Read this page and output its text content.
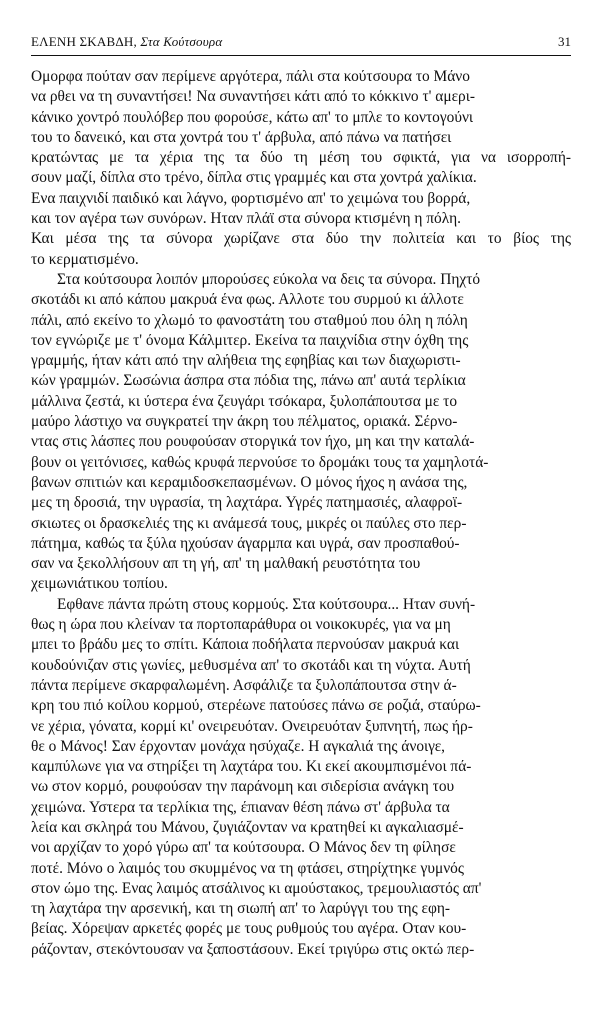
ΕΛΕΝΗ ΣΚΑΒΔΗ, Στα Κούτσουρα	31
Ομορφα πούταν σαν περίμενε αργότερα, πάλι στα κούτσουρα το Μάνο
να ρθει να τη συναντήσει! Να συναντήσει κάτι από το κόκκινο τ' αμερι-
κάνικο χοντρό πουλόβερ που φορούσε, κάτω απ' το μπλε το κοντογούνι
του το δανεικό, και στα χοντρά του τ' άρβυλα, από πάνω να πατήσει
κρατώντας με τα χέρια της τα δύο τη μέση του σφικτά, για να ισορροπή-
σουν μαζί, δίπλα στο τρένο, δίπλα στις γραμμές και στα χοντρά χαλίκια.
Ενα παιχνιδί παιδικό και λάγνο, φορτισμένο απ' το χειμώνα του βορρά,
και τον αγέρα των συνόρων. Ηταν πλάϊ στα σύνορα κτισμένη η πόλη.
Και μέσα της τα σύνορα χωρίζανε στα δύο την πολιτεία και το βίος της
το κερματισμένο.
Στα κούτσουρα λοιπόν μπορούσες εύκολα να δεις τα σύνορα. Πηχτό
σκοτάδι κι από κάπου μακρυά ένα φως. Αλλοτε του συρμού κι άλλοτε
πάλι, από εκείνο το χλωμό το φανοστάτη του σταθμού που όλη η πόλη
τον εγνώριζε με τ' όνομα Κάλμιτερ. Εκείνα τα παιχνίδια στην όχθη της
γραμμής, ήταν κάτι από την αλήθεια της εφηβίας και των διαχωριστι-
κών γραμμών. Σωσώνια άσπρα στα πόδια της, πάνω απ' αυτά τερλίκια
μάλλινα ζεστά, κι ύστερα ένα ζευγάρι τσόκαρα, ξυλοπάπουτσα με το
μαύρο λάστιχο να συγκρατεί την άκρη του πέλματος, οριακά. Σέρνο-
ντας στις λάσπες που ρουφούσαν στοργικά τον ήχο, μη και την καταλά-
βουν οι γειτόνισες, καθώς κρυφά περνούσε το δρομάκι τους τα χαμηλοτά-
βανων σπιτιών και κεραμιδοσκεπασμένων. Ο μόνος ήχος η ανάσα της,
μες τη δροσιά, την υγρασία, τη λαχτάρα. Υγρές πατημασιές, αλαφροϊ-
σκιωτες οι δρασκελιές της κι ανάμεσά τους, μικρές οι παύλες στο περ-
πάτημα, καθώς τα ξύλα ηχούσαν άγαρμπα και υγρά, σαν προσπαθού-
σαν να ξεκολλήσουν απ τη γή, απ' τη μαλθακή ρευστότητα του
χειμωνιάτικου τοπίου.
Εφθανε πάντα πρώτη στους κορμούς. Στα κούτσουρα... Ηταν συνή-
θως η ώρα που κλείναν τα πορτοπαράθυρα οι νοικοκυρές, για να μη
μπει το βράδυ μες το σπίτι. Κάποια ποδήλατα περνούσαν μακρυά και
κουδούνιζαν στις γωνίες, μεθυσμένα απ' το σκοτάδι και τη νύχτα. Αυτή
πάντα περίμενε σκαρφαλωμένη. Ασφάλιζε τα ξυλοπάπουτσα στην ά-
κρη του πιό κοίλου κορμού, στερέωνε πατούσες πάνω σε ροζιά, σταύρω-
νε χέρια, γόνατα, κορμί κι' ονειρευόταν. Ονειρευόταν ξυπνητή, πως ήρ-
θε ο Μάνος! Σαν έρχονταν μονάχα ησύχαζε. Η αγκαλιά της άνοιγε,
καμπύλωνε για να στηρίξει τη λαχτάρα του. Κι εκεί ακουμπισμένοι πά-
νω στον κορμό, ρουφούσαν την παράνομη και σιδερίσια ανάγκη του
χειμώνα. Υστερα τα τερλίκια της, έπιαναν θέση πάνω στ' άρβυλα τα
λεία και σκληρά του Μάνου, ζυγιάζονταν να κρατηθεί κι αγκαλιασμέ-
νοι αρχίζαν το χορό γύρω απ' τα κούτσουρα. Ο Μάνος δεν τη φίλησε
ποτέ. Μόνο ο λαιμός του σκυμμένος να τη φτάσει, στηρίχτηκε γυμνός
στον ώμο της. Ενας λαιμός ατσάλινος κι αμούστακος, τρεμουλιαστός απ'
τη λαχτάρα την αρσενική, και τη σιωπή απ' το λαρύγγι του της εφη-
βείας. Χόρεψαν αρκετές φορές με τους ρυθμούς του αγέρα. Οταν κου-
ράζονταν, στεκόντουσαν να ξαποστάσουν. Εκεί τριγύρω στις οκτώ περ-
